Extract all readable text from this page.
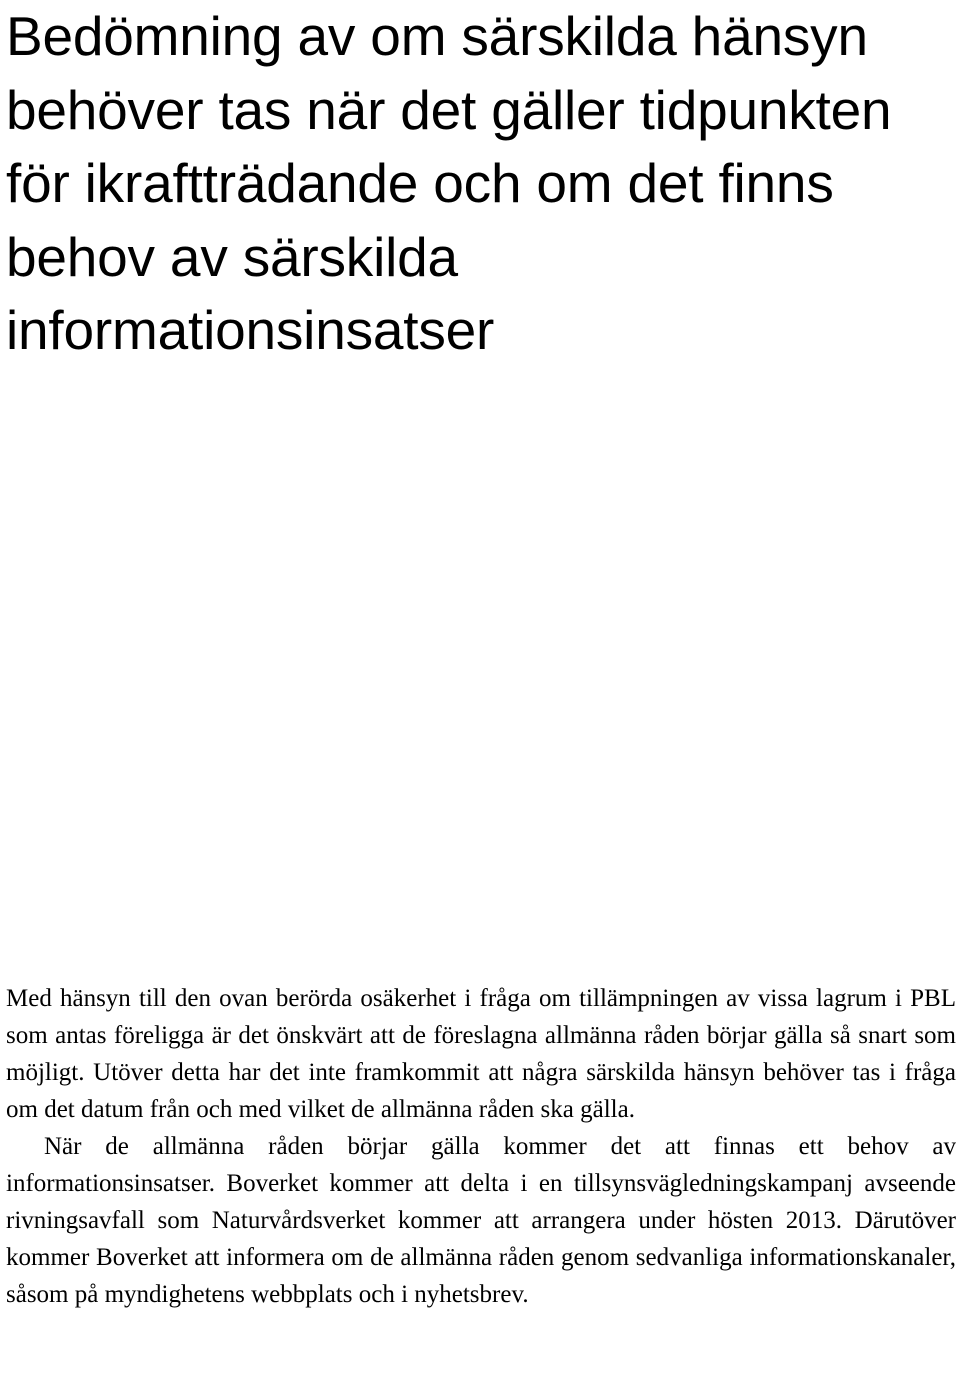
Bedömning av om särskilda hänsyn behöver tas när det gäller tidpunkten för ikraftträdande och om det finns behov av särskilda informationsinsatser

Med hänsyn till den ovan berörda osäkerhet i fråga om tillämpningen av vissa lagrum i PBL som antas föreligga är det önskvärt att de föreslagna allmänna råden börjar gälla så snart som möjligt. Utöver detta har det inte framkommit att några särskilda hänsyn behöver tas i fråga om det datum från och med vilket de allmänna råden ska gälla.

När de allmänna råden börjar gälla kommer det att finnas ett behov av informationsinsatser. Boverket kommer att delta i en tillsynsvägledningskampanj avseende rivningsavfall som Naturvårdsverket kommer att arrangera under hösten 2013. Därutöver kommer Boverket att informera om de allmänna råden genom sedvanliga informationskanaler, såsom på myndighetens webbplats och i nyhetsbrev.
